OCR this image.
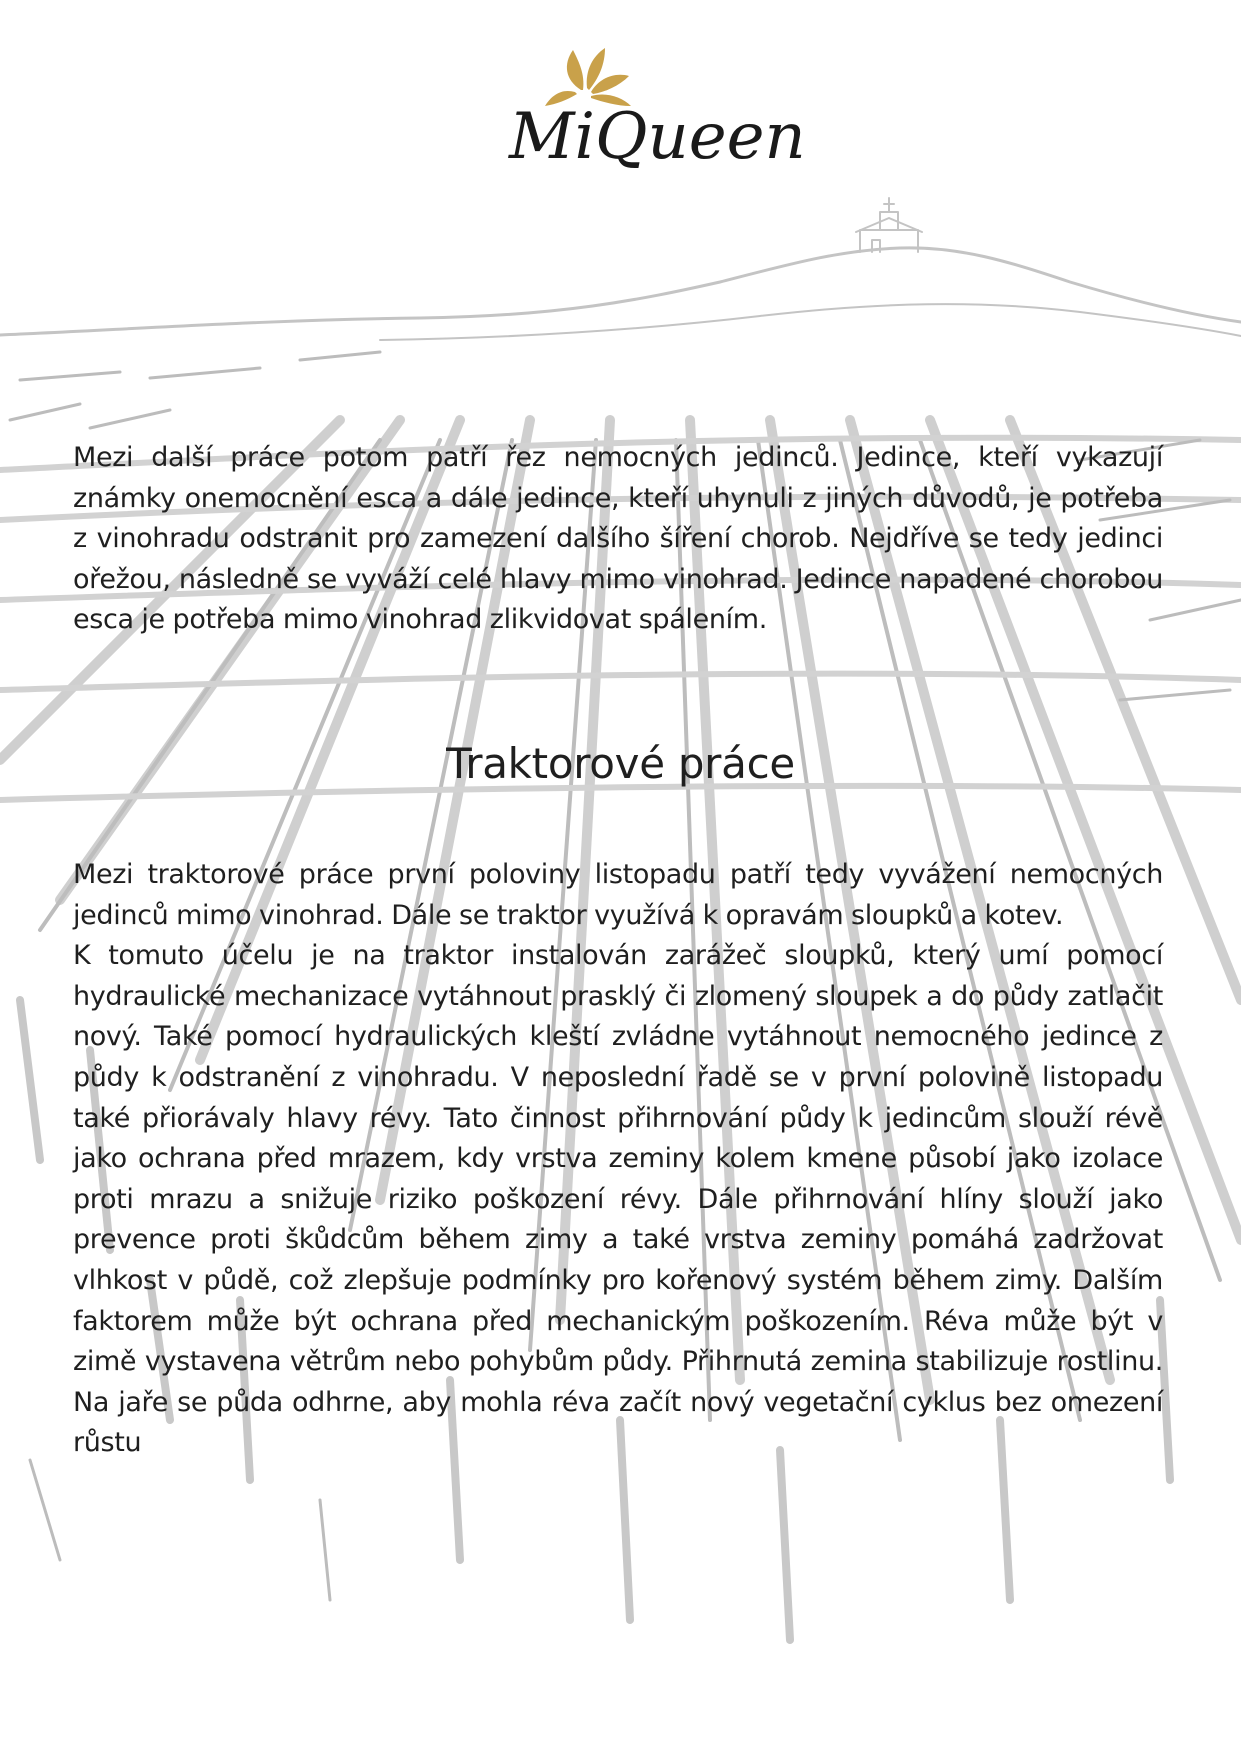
MiQueen

Mezi další práce potom patří řez nemocných jedinců. Jedince, kteří vykazují známky onemocnění esca a dále jedince, kteří uhynuli z jiných důvodů, je potřeba z vinohradu odstranit pro zamezení dalšího šíření chorob. Nejdříve se tedy jedinci ořežou, následně se vyváží celé hlavy mimo vinohrad. Jedince napadené chorobou esca je potřeba mimo vinohrad zlikvidovat spálením.

Traktorové práce

Mezi traktorové práce první poloviny listopadu patří tedy vyvážení nemocných jedinců mimo vinohrad. Dále se traktor využívá k opravám sloupků a kotev.

K tomuto účelu je na traktor instalován zarážeč sloupků, který umí pomocí hydraulické mechanizace vytáhnout prasklý či zlomený sloupek a do půdy zatlačit nový. Také pomocí hydraulických kleští zvládne vytáhnout nemocného jedince z půdy k odstranění z vinohradu. V neposlední řadě se v první polovině listopadu také přiorávaly hlavy révy. Tato činnost přihrnování půdy k jedincům slouží révě jako ochrana před mrazem, kdy vrstva zeminy kolem kmene působí jako izolace proti mrazu a snižuje riziko poškození révy. Dále přihrnování hlíny slouží jako prevence proti škůdcům během zimy a také vrstva zeminy pomáhá zadržovat vlhkost v půdě, což zlepšuje podmínky pro kořenový systém během zimy. Dalším faktorem může být ochrana před mechanickým poškozením. Réva může být v zimě vystavena větrům nebo pohybům půdy. Přihrnutá zemina stabilizuje rostlinu. Na jaře se půda odhrne, aby mohla réva začít nový vegetační cyklus bez omezení růstu
